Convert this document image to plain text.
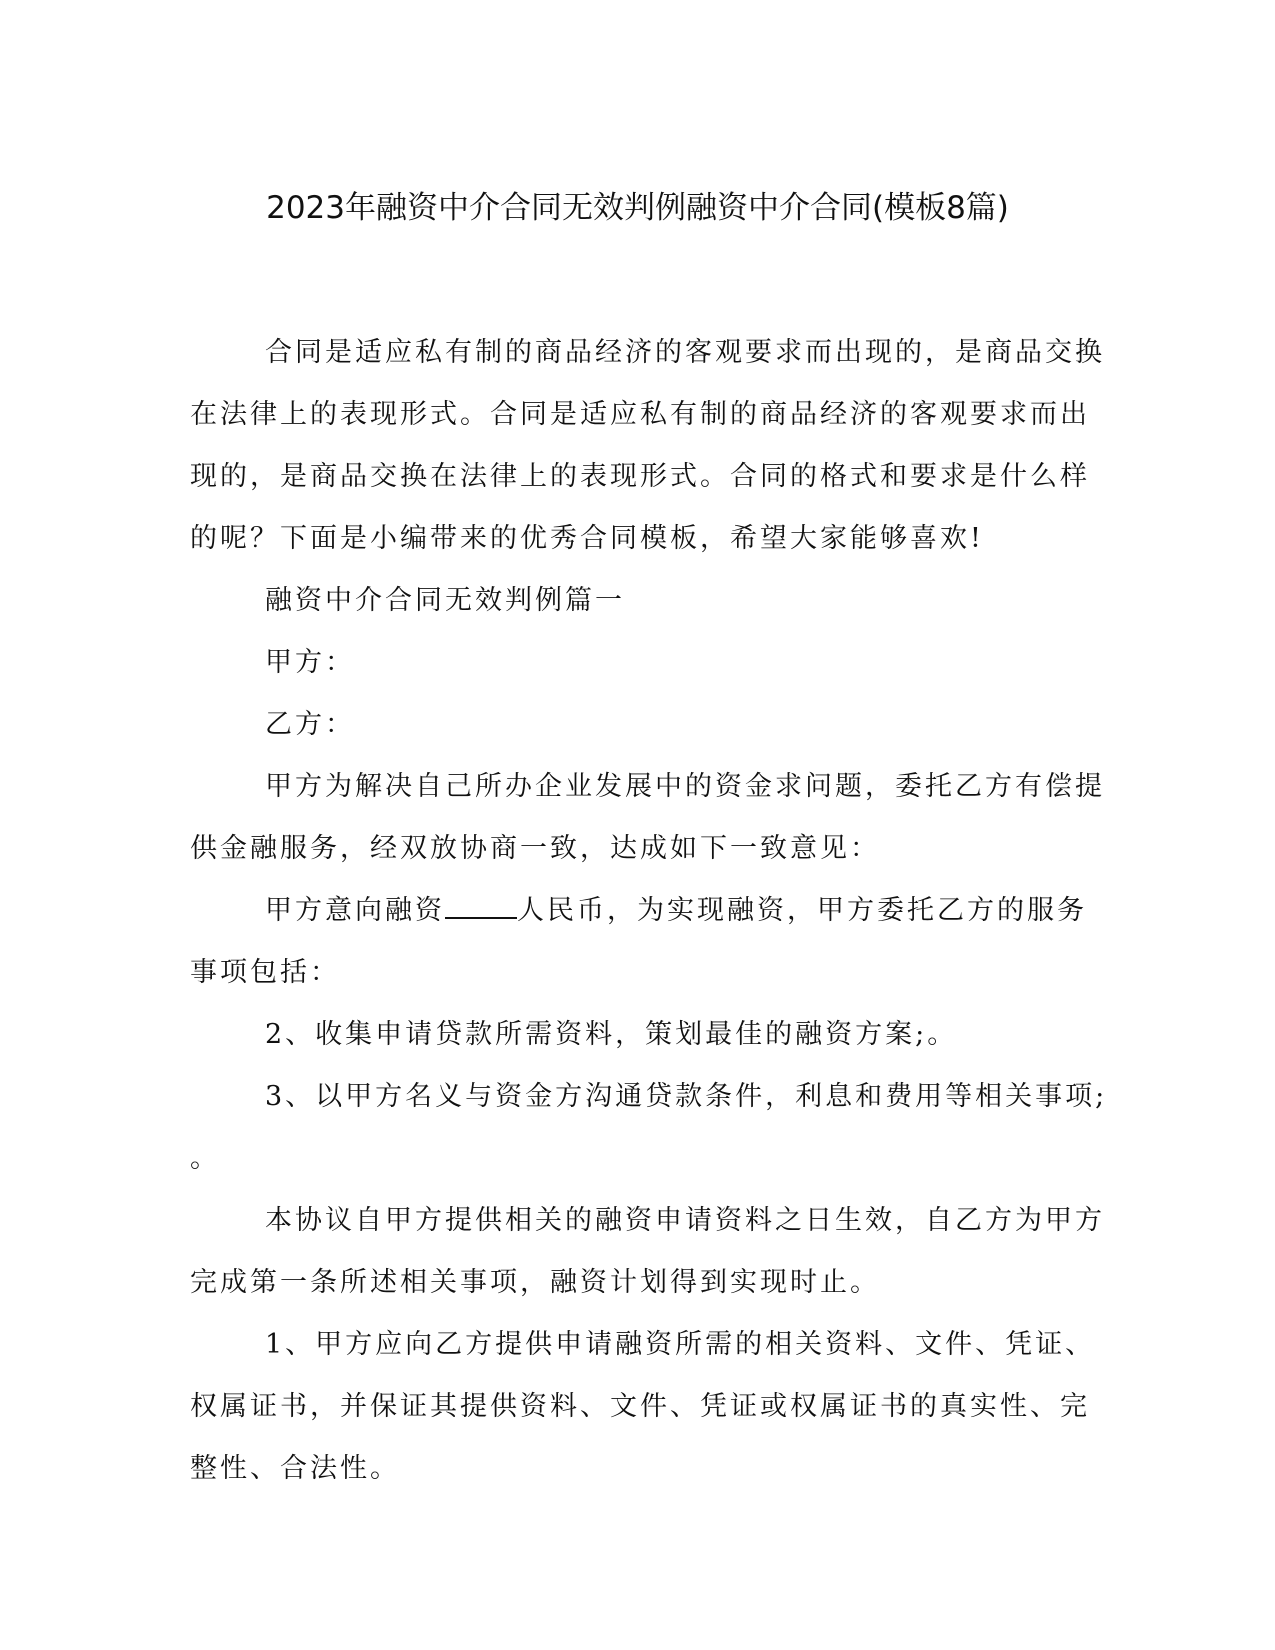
2023年融资中介合同无效判例融资中介合同(模板8篇)
合同是适应私有制的商品经济的客观要求而出现的，是商品交换
在法律上的表现形式。合同是适应私有制的商品经济的客观要求而出
现的，是商品交换在法律上的表现形式。合同的格式和要求是什么样
的呢？下面是小编带来的优秀合同模板，希望大家能够喜欢!

融资中介合同无效判例篇一

甲方：

乙方：

甲方为解决自己所办企业发展中的资金求问题，委托乙方有偿提
供金融服务，经双放协商一致，达成如下一致意见：
甲方意向融资	人民币，为实现融资，甲方委托乙方的服务
事项包括：

2、收集申请贷款所需资料，策划最佳的融资方案;。

3、以甲方名义与资金方沟通贷款条件，利息和费用等相关事项;
。
本协议自甲方提供相关的融资申请资料之日生效，自乙方为甲方
完成第一条所述相关事项，融资计划得到实现时止。
1、甲方应向乙方提供申请融资所需的相关资料、文件、凭证、
权属证书，并保证其提供资料、文件、凭证或权属证书的真实性、完
整性、合法性。
